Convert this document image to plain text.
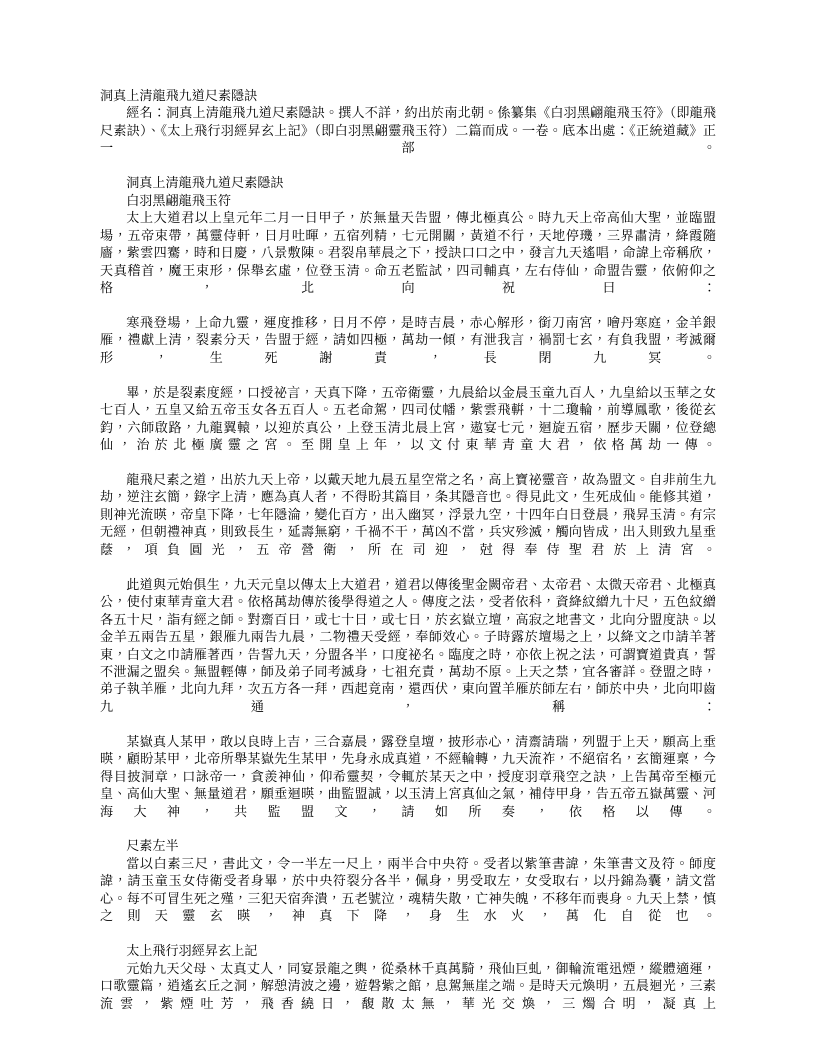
洞真上清龍飛九道尺素隱訣

經名：洞真上清龍飛九道尺素隱訣。撰人不詳，約出於南北朝。係纂集《白羽黑翩龍飛玉符》（即龍飛尺素訣）、《太上飛行羽經昇玄上記》（即白羽黑翩靈飛玉符）二篇而成。一卷。底本出處：《正統道藏》正一部。

洞真上清龍飛九道尺素隱訣

白羽黑翩龍飛玉符

太上大道君以上皇元年二月一日甲子，於無量天告盟，傳北極真公。時九天上帝高仙大聖，並臨盟場，五帝束帶，萬靈侍軒，日月吐暉，五宿列精，七元開關，黃道不行，天地停璣，三界肅清，絳霞隨廧，紫雲四騫，時和日慶，八景敷陳。君裂帛華晨之下，授訣口口之中，發言九天遙唱，命諱上帝稱欣，天真稽首，魔王束形，保舉玄虛，位登玉清。命五老監試，四司輔真，左右侍仙，命盟告靈，依俯仰之格，北向祝曰：

寒飛登場，上命九靈，運度推移，日月不停，是時吉晨，赤心解形，銜刀南宮，噲丹寒庭，金羊銀雁，禮獻上清，裂素分天，告盟于經，請如四極，萬劫一傾，有泄我言，禍罰七玄，有負我盟，考滅爾形，生死謝責，長閉九冥。

畢，於是裂素度經，口授祕言，天真下降，五帝衛靈，九晨給以金晨玉童九百人，九皇給以玉華之女七百人，五皇又給五帝玉女各五百人。五老命駕，四司仗幡，紫雲飛輧，十二瓊輪，前導鳳歌，後從玄鈞，六師啟路，九龍翼轅，以迎於真公，上登玉清北晨上宮，遨宴七元，迴旋五宿，歷步天關，位登總仙，治於北極廣靈之宮。至開皇上年，以文付東華青童大君，依格萬劫一傳。

龍飛尺素之道，出於九天上帝，以戴天地九晨五星空常之名，高上寶祕靈音，故為盟文。自非前生九劫，逆注玄簡，錄字上清，應為真人者，不得盼其篇目，条其隱音也。得見此文，生死成仙。能修其道，則神光流暎，帝皇下降，七年隱淪，變化百方，出入幽冥，浮景九空，十四年白日登晨，飛昇玉清。有宗无經，但朝禮神真，則致長生，延壽無窮，千禍不干，萬凶不當，兵灾殄滅，觸向皆成，出入則致九星垂蔭，項負圓光，五帝營衛，所在司迎，尅得奉侍聖君於上清宮。

此道與元始俱生，九天元皇以傳太上大道君，道君以傳後聖金闕帝君、太帝君、太微天帝君、北極真公，使付東華青童大君。依格萬劫傳於後學得道之人。傳度之法，受者依科，資絳紋繒九十尺，五色紋繒各五十尺，詣有經之師。對齋百日，或七十日，或七日，於玄嶽立壇，高寂之地書文，北向分盟度訣。以金羊五兩告五星，銀雁九兩告九晨，二物禮天受經，奉師效心。子時露於壇場之上，以絳文之巾請羊著東，白文之巾請雁著西，告誓九天，分盟各半，口度祕名。臨度之時，亦依上祝之法，可謂寶道貴真，誓不泄漏之盟矣。無盟輕傳，師及弟子同考滅身，七祖充責，萬劫不原。上天之禁，宜各審詳。登盟之時，弟子執羊雁，北向九拜，次五方各一拜，西起竟南，還西伏，東向置羊雁於師左右，師於中央，北向叩齒九通，稱：

某嶽真人某甲，敢以良時上吉，三合嘉晨，露登皇壇，披形赤心，清齋請瑞，列盟于上天，願高上垂暎，顧盼某甲，北帝所舉某嶽先生某甲，先身永成真道，不經輪轉，九天流祚，不絕宿名，玄簡運稟，今得目披洞章，口詠帝一，貪羨神仙，仰希靈契，令輒於某天之中，授度羽章飛空之訣，上告萬帝至極元皇、高仙大聖、無量道君，願垂迴暎，曲監盟誠，以玉清上宮真仙之氣，補侍甲身，告五帝五嶽萬靈、河海大神，共監盟文，請如所奏，依格以傳。

尺素左半

當以白素三尺，書此文，令一半左一尺上，兩半合中央符。受者以紫筆書諱，朱筆書文及符。師度諱，請玉童玉女侍衛受者身畢，於中央符裂分各半，佩身，男受取左，女受取右，以丹錦為囊，請文當心。每不可冒生死之殣，三犯天宿奔潰，五老號泣，魂精失散，亡神失魄，不移年而喪身。九天上禁，慎之則天靈玄暎，神真下降，身生水火，萬化自從也。

太上飛行羽經昇玄上記

元始九天父母、太真丈人，同宴景龍之輿，從桑林千真萬騎，飛仙巨虬，御輪流電迅煙，縱體適運，口歌靈篇，逍遙玄丘之洞，解憩清波之邊，遊磐紫之館，息駕無崖之端。是時天元煥明，五晨迴光，三素流雲，紫煙吐芳，飛香繞日，馥散太無，華光交煥，三燭合明，凝真上
